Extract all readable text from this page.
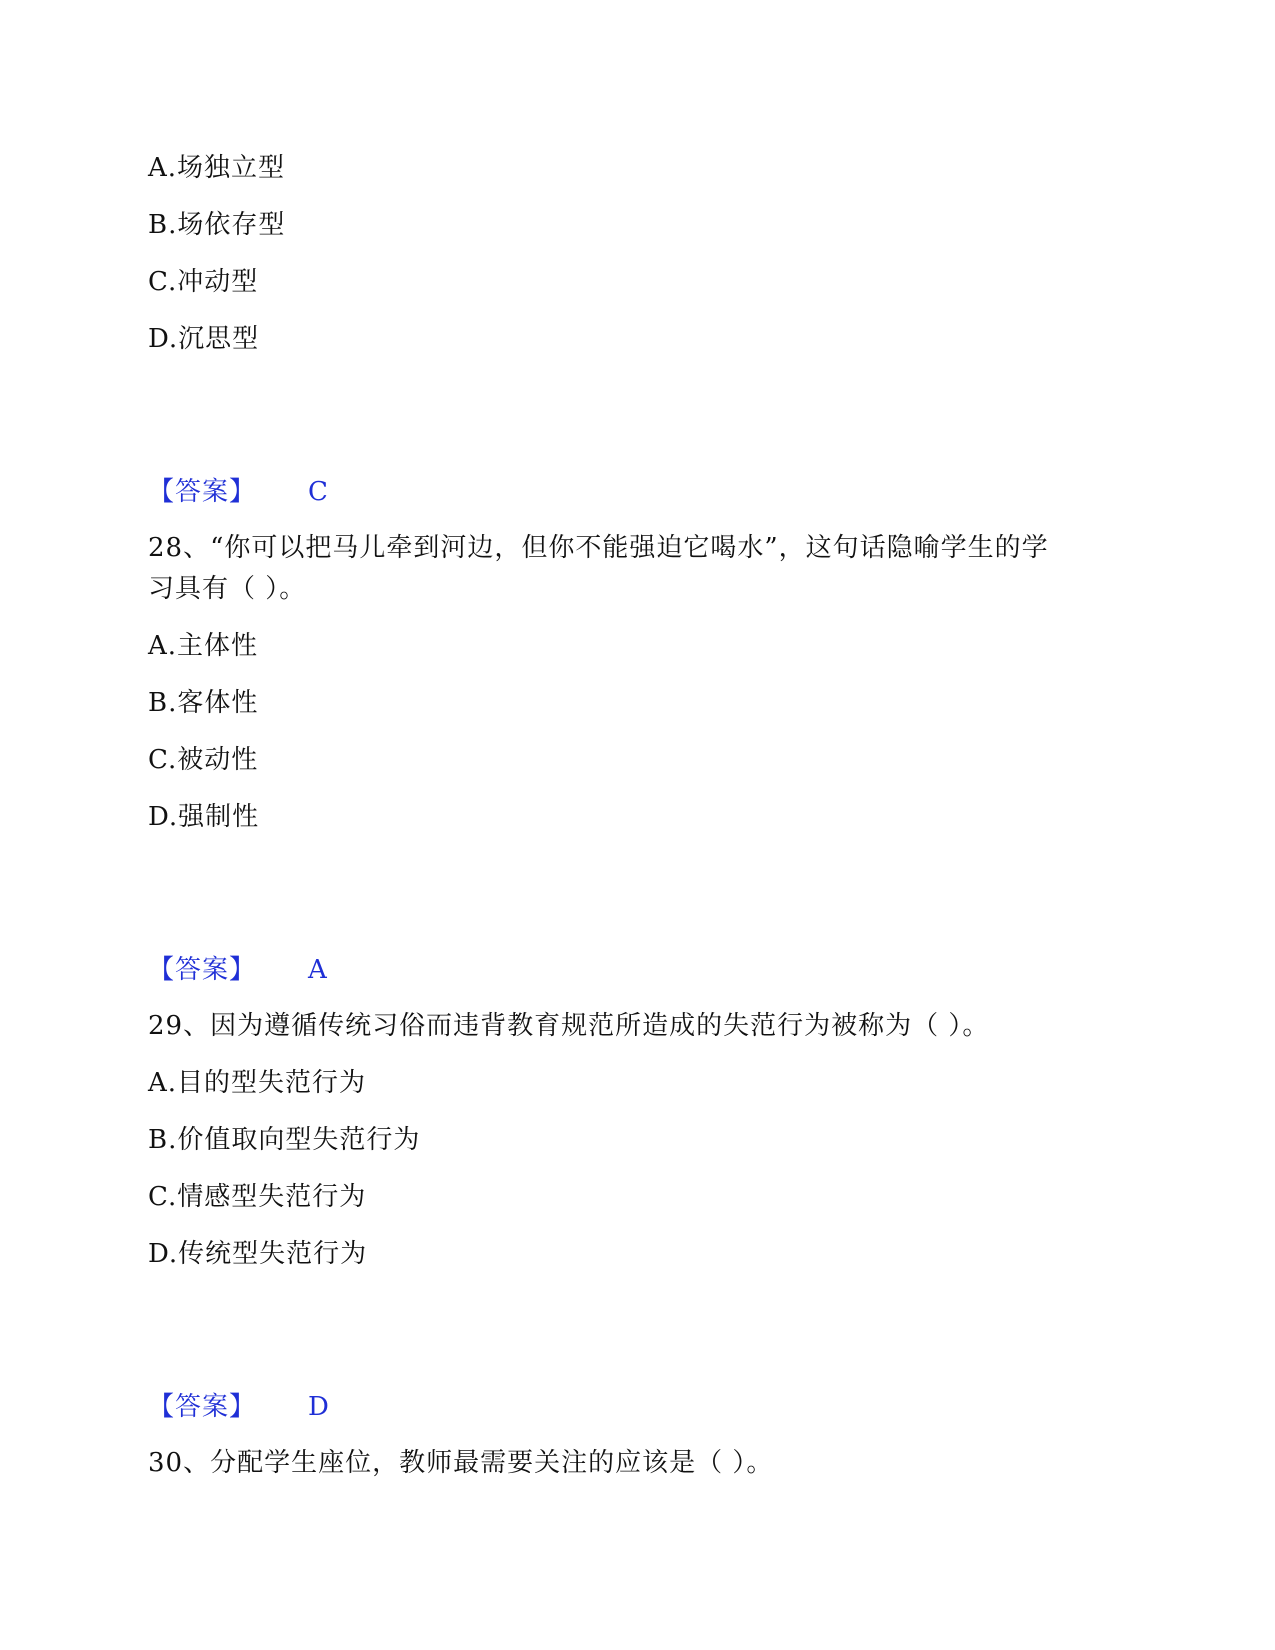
A.场独立型
B.场依存型
C.冲动型
D.沉思型
【答案】 C
28、“你可以把马儿牵到河边，但你不能强迫它喝水”，这句话隐喻学生的学
习具有（ ）。
A.主体性
B.客体性
C.被动性
D.强制性
【答案】 A
29、因为遵循传统习俗而违背教育规范所造成的失范行为被称为（ ）。
A.目的型失范行为
B.价值取向型失范行为
C.情感型失范行为
D.传统型失范行为
【答案】 D
30、分配学生座位，教师最需要关注的应该是（ ）。
